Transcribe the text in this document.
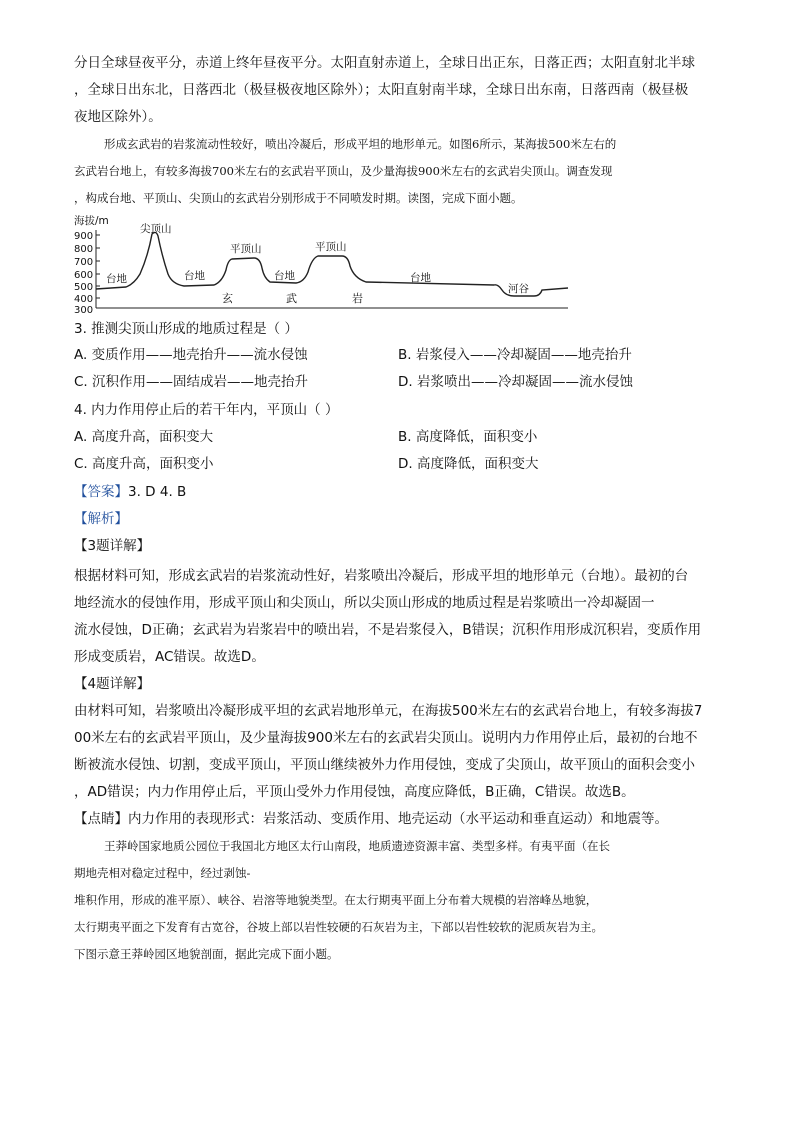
分日全球昼夜平分，赤道上终年昼夜平分。太阳直射赤道上，全球日出正东，日落正西；太阳直射北半球
，全球日出东北，日落西北（极昼极夜地区除外）；太阳直射南半球，全球日出东南，日落西南（极昼极
夜地区除外）。
形成玄武岩的岩浆流动性较好，喷出冷凝后，形成平坦的地形单元。如图6所示，某海拔500米左右的
玄武岩台地上，有较多海拔700米左右的玄武岩平顶山，及少量海拔900米左右的玄武岩尖顶山。调查发现
，构成台地、平顶山、尖顶山的玄武岩分别形成于不同喷发时期。读图，完成下面小题。
海拔/m
900
800
700
600
500
400
300
尖顶山
平顶山	平顶山
台地	台地	台地	台地
河谷
玄	武	岩
3. 推测尖顶山形成的地质过程是（ ）
A. 变质作用——地壳抬升——流水侵蚀	B. 岩浆侵入——冷却凝固——地壳抬升
C. 沉积作用——固结成岩——地壳抬升	D. 岩浆喷出——冷却凝固——流水侵蚀
4. 内力作用停止后的若干年内，平顶山（ ）
A. 高度升高，面积变大	B. 高度降低，面积变小
C. 高度升高，面积变小	D. 高度降低，面积变大
【答案】3. D 4. B
【解析】
【3题详解】
根据材料可知，形成玄武岩的岩浆流动性好，岩浆喷出冷凝后，形成平坦的地形单元（台地）。最初的台
地经流水的侵蚀作用，形成平顶山和尖顶山，所以尖顶山形成的地质过程是岩浆喷出一冷却凝固一
流水侵蚀，D正确；玄武岩为岩浆岩中的喷出岩，不是岩浆侵入，B错误；沉积作用形成沉积岩，变质作用
形成变质岩，AC错误。故选D。
【4题详解】
由材料可知，岩浆喷出冷凝形成平坦的玄武岩地形单元，在海拔500米左右的玄武岩台地上，有较多海拔7
00米左右的玄武岩平顶山，及少量海拔900米左右的玄武岩尖顶山。说明内力作用停止后，最初的台地不
断被流水侵蚀、切割，变成平顶山，平顶山继续被外力作用侵蚀，变成了尖顶山，故平顶山的面积会变小
，AD错误；内力作用停止后，平顶山受外力作用侵蚀，高度应降低，B正确，C错误。故选B。
【点睛】内力作用的表现形式：岩浆活动、变质作用、地壳运动（水平运动和垂直运动）和地震等。
王莽岭国家地质公园位于我国北方地区太行山南段，地质遗迹资源丰富、类型多样。有夷平面（在长
期地壳相对稳定过程中，经过剥蚀-
堆积作用，形成的准平原）、峡谷、岩溶等地貌类型。在太行期夷平面上分布着大规模的岩溶峰丛地貌，
太行期夷平面之下发育有古宽谷，谷坡上部以岩性较硬的石灰岩为主，下部以岩性较软的泥质灰岩为主。
下图示意王莽岭园区地貌剖面，据此完成下面小题。
